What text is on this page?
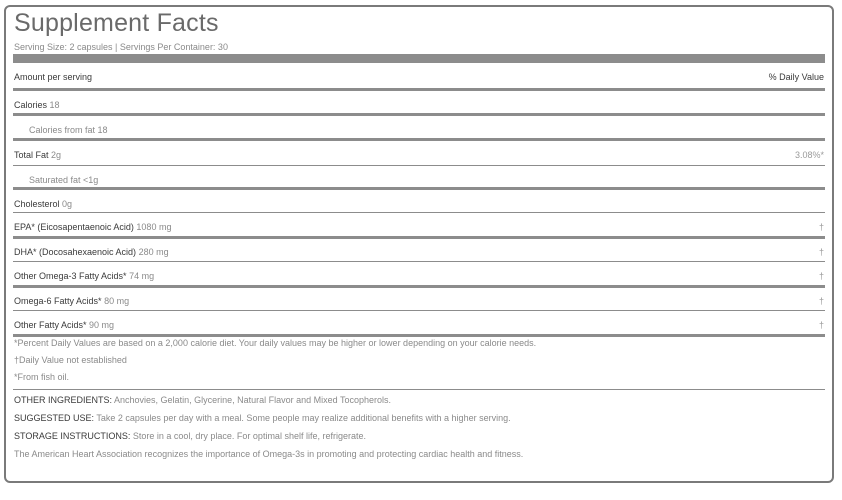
Supplement Facts
Serving Size: 2 capsules | Servings Per Container: 30
Amount per serving	% Daily Value
Calories 18
Calories from fat 18
Total Fat 2g	3.08%*
Saturated fat <1g
Cholesterol 0g
EPA* (Eicosapentaenoic Acid) 1080 mg	†
DHA* (Docosahexaenoic Acid) 280 mg	†
Other Omega-3 Fatty Acids* 74 mg	†
Omega-6 Fatty Acids* 80 mg	†
Other Fatty Acids* 90 mg	†
*Percent Daily Values are based on a 2,000 calorie diet. Your daily values may be higher or lower depending on your calorie needs.
†Daily Value not established
*From fish oil.
OTHER INGREDIENTS: Anchovies, Gelatin, Glycerine, Natural Flavor and Mixed Tocopherols.
SUGGESTED USE: Take 2 capsules per day with a meal. Some people may realize additional benefits with a higher serving.
STORAGE INSTRUCTIONS: Store in a cool, dry place. For optimal shelf life, refrigerate.
The American Heart Association recognizes the importance of Omega-3s in promoting and protecting cardiac health and fitness.
